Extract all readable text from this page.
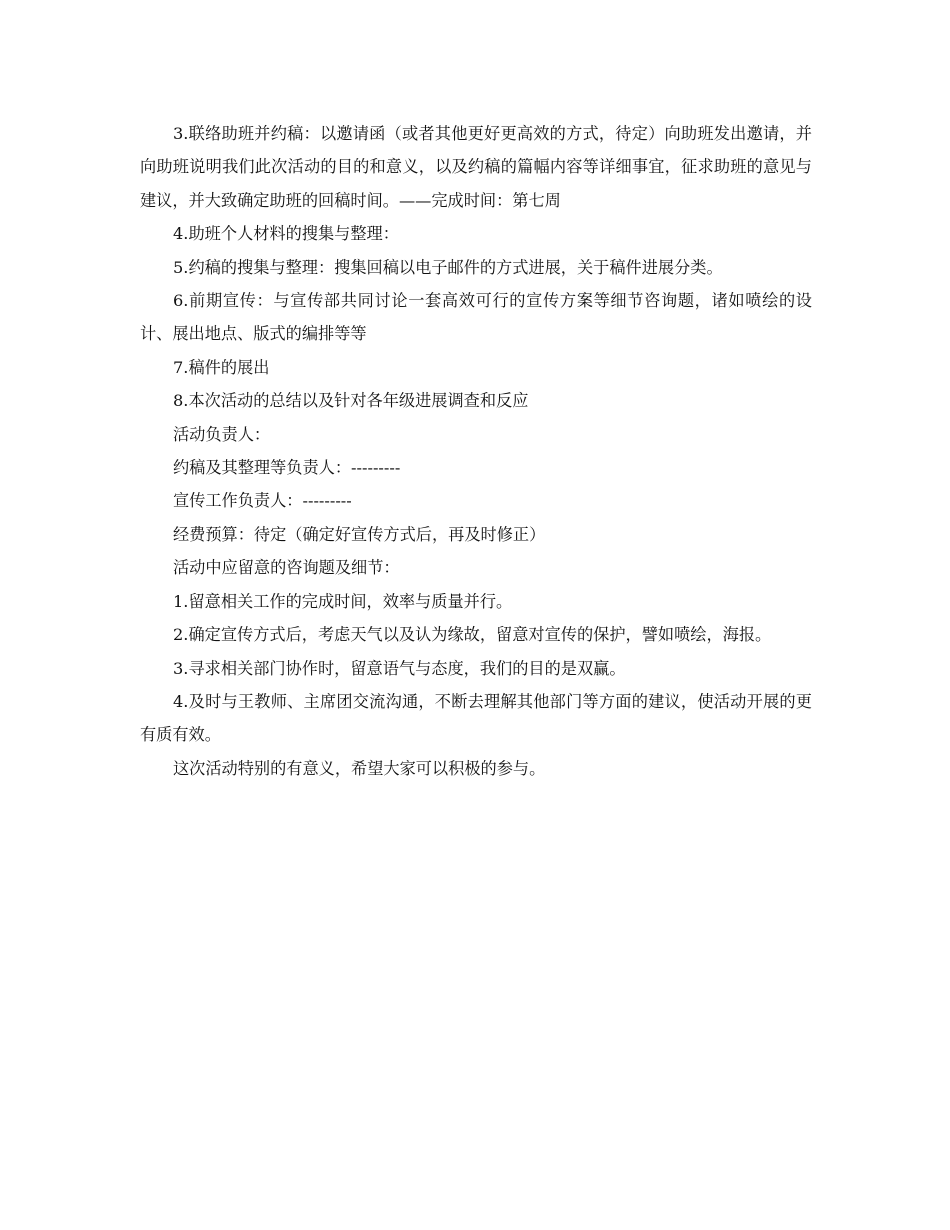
3.联络助班并约稿：以邀请函（或者其他更好更高效的方式，待定）向助班发出邀请，并向助班说明我们此次活动的目的和意义，以及约稿的篇幅内容等详细事宜，征求助班的意见与建议，并大致确定助班的回稿时间。——完成时间：第七周

4.助班个人材料的搜集与整理：

5.约稿的搜集与整理：搜集回稿以电子邮件的方式进展，关于稿件进展分类。

6.前期宣传：与宣传部共同讨论一套高效可行的宣传方案等细节咨询题，诸如喷绘的设计、展出地点、版式的编排等等

7.稿件的展出

8.本次活动的总结以及针对各年级进展调查和反应

活动负责人：

约稿及其整理等负责人：---------

宣传工作负责人：---------

经费预算：待定（确定好宣传方式后，再及时修正）

活动中应留意的咨询题及细节：

1.留意相关工作的完成时间，效率与质量并行。

2.确定宣传方式后，考虑天气以及认为缘故，留意对宣传的保护，譬如喷绘，海报。

3.寻求相关部门协作时，留意语气与态度，我们的目的是双赢。

4.及时与王教师、主席团交流沟通，不断去理解其他部门等方面的建议，使活动开展的更有质有效。

这次活动特别的有意义，希望大家可以积极的参与。
